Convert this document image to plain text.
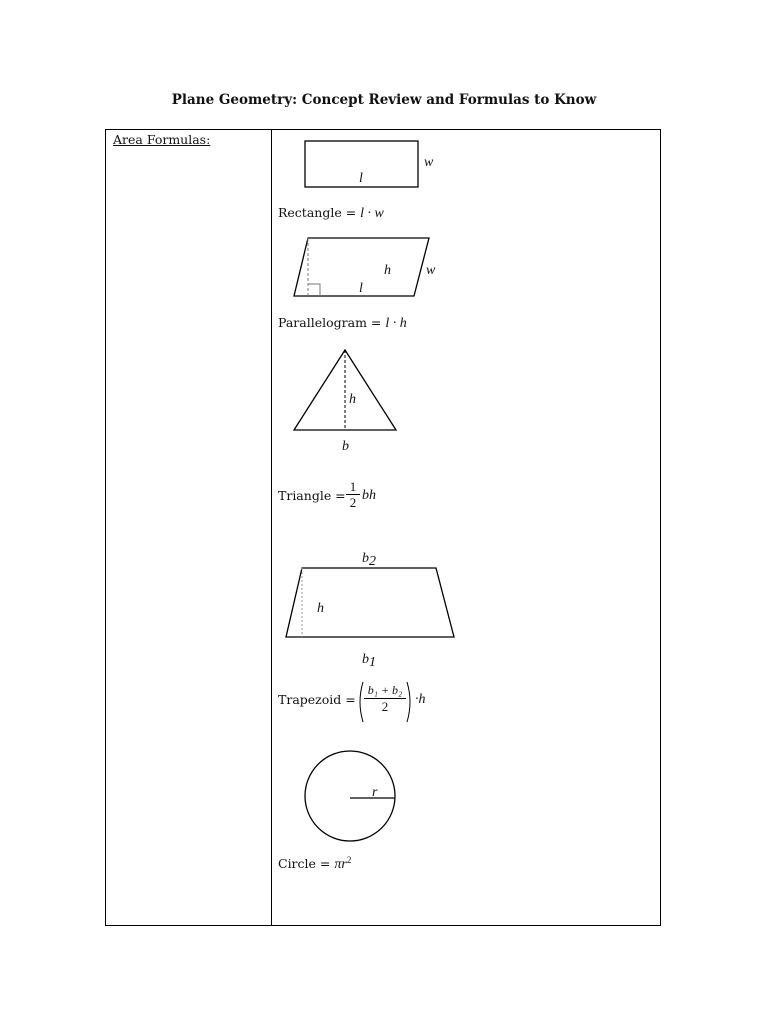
Plane Geometry: Concept Review and Formulas to Know
Area Formulas:
l
w
Rectangle = l · w
h
l
w
Parallelogram = l · h
h
b
Triangle = $\frac{1}{2}$ bh
b2
h
b1
Trapezoid = $\frac{\text{b₁ + b₂}}{2} \cdot h$
r
Circle = $\pi r^2$
